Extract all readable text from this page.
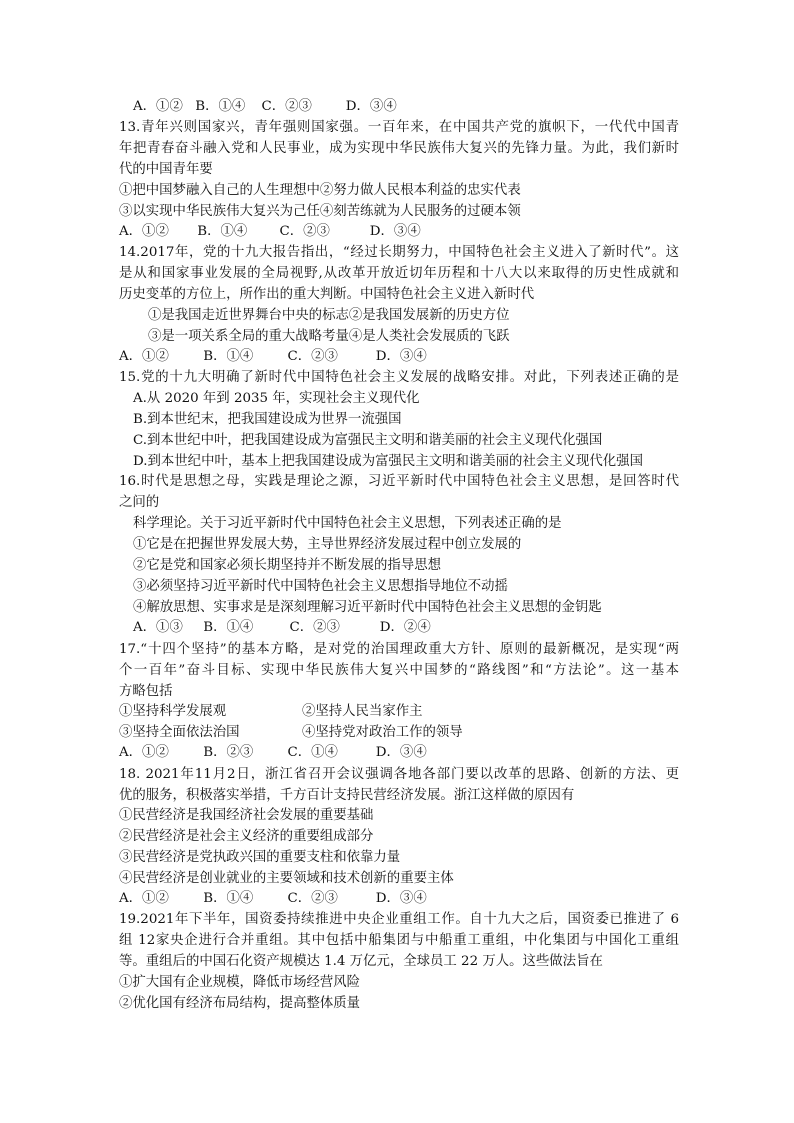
A．①② B．①④ C．②③	D．③④
13.青年兴则国家兴，青年强则国家强。一百年来，在中国共产党的旗帜下，一代代中国青
年把青春奋斗融入党和人民事业，成为实现中华民族伟大复兴的先锋力量。为此，我们新时
代的中国青年要
①把中国梦融入自己的人生理想中②努力做人民根本利益的忠实代表
③以实现中华民族伟大复兴为己任④刻苦练就为人民服务的过硬本领
A．①② B．①④ C．②③	D．③④
14.2017年，党的十九大报告指出，“经过长期努力，中国特色社会主义进入了新时代”。这
是从和国家事业发展的全局视野,从改革开放近切年历程和十八大以来取得的历史性成就和
历史变革的方位上，所作出的重大判断。中国特色社会主义进入新时代
①是我国走近世界舞台中央的标志②是我国发展新的历史方位
③是一项关系全局的重大战略考量④是人类社会发展质的飞跃
A．①②	B．①④	C．②③	D．③④
15.党的十九大明确了新时代中国特色社会主义发展的战略安排。对此，下列表述正确的是
A.从 2020 年到 2035 年，实现社会主义现代化
B.到本世纪末，把我国建设成为世界一流强国
C.到本世纪中叶，把我国建设成为富强民主文明和谐美丽的社会主义现代化强国
D.到本世纪中叶，基本上把我国建设成为富强民主文明和谐美丽的社会主义现代化强国
16.时代是思想之母，实践是理论之源，习近平新时代中国特色社会主义思想，是回答时代
之问的
科学理论。关于习近平新时代中国特色社会主义思想，下列表述正确的是
①它是在把握世界发展大势，主导世界经济发展过程中创立发展的
②它是党和国家必须长期坚持并不断发展的指导思想
③必须坚持习近平新时代中国特色社会主义思想指导地位不动摇
④解放思想、实事求是是深刻理解习近平新时代中国特色社会主义思想的金钥匙
A．①③ B．①④	C．②③	D．②④
17.“十四个坚持”的基本方略，是对党的治国理政重大方针、原则的最新概况，是实现“两
个一百年”奋斗目标、实现中华民族伟大复兴中国梦的“路线图”和“方法论”。这一基本
方略包括
①坚持科学发展观	②坚持人民当家作主
③坚持全面依法治国	④坚持党对政治工作的领导
A．①②	B．②③	C．①④	D．③④
18. 2021年11月2日，浙江省召开会议强调各地各部门要以改革的思路、创新的方法、更
优的服务，积极落实举措，千方百计支持民营经济发展。浙江这样做的原因有
①民营经济是我国经济社会发展的重要基础
②民营经济是社会主义经济的重要组成部分
③民营经济是党执政兴国的重要支柱和依靠力量
④民营经济是创业就业的主要领域和技术创新的重要主体
A．①②	B．①④	C．②③	D．③④
19.2021年下半年，国资委持续推进中央企业重组工作。自十九大之后，国资委已推进了 6
组 12家央企进行合并重组。其中包括中船集团与中船重工重组，中化集团与中国化工重组
等。重组后的中国石化资产规模达 1.4 万亿元，全球员工 22 万人。这些做法旨在
①扩大国有企业规模，降低市场经营风险
②优化国有经济布局结构，提高整体质量
